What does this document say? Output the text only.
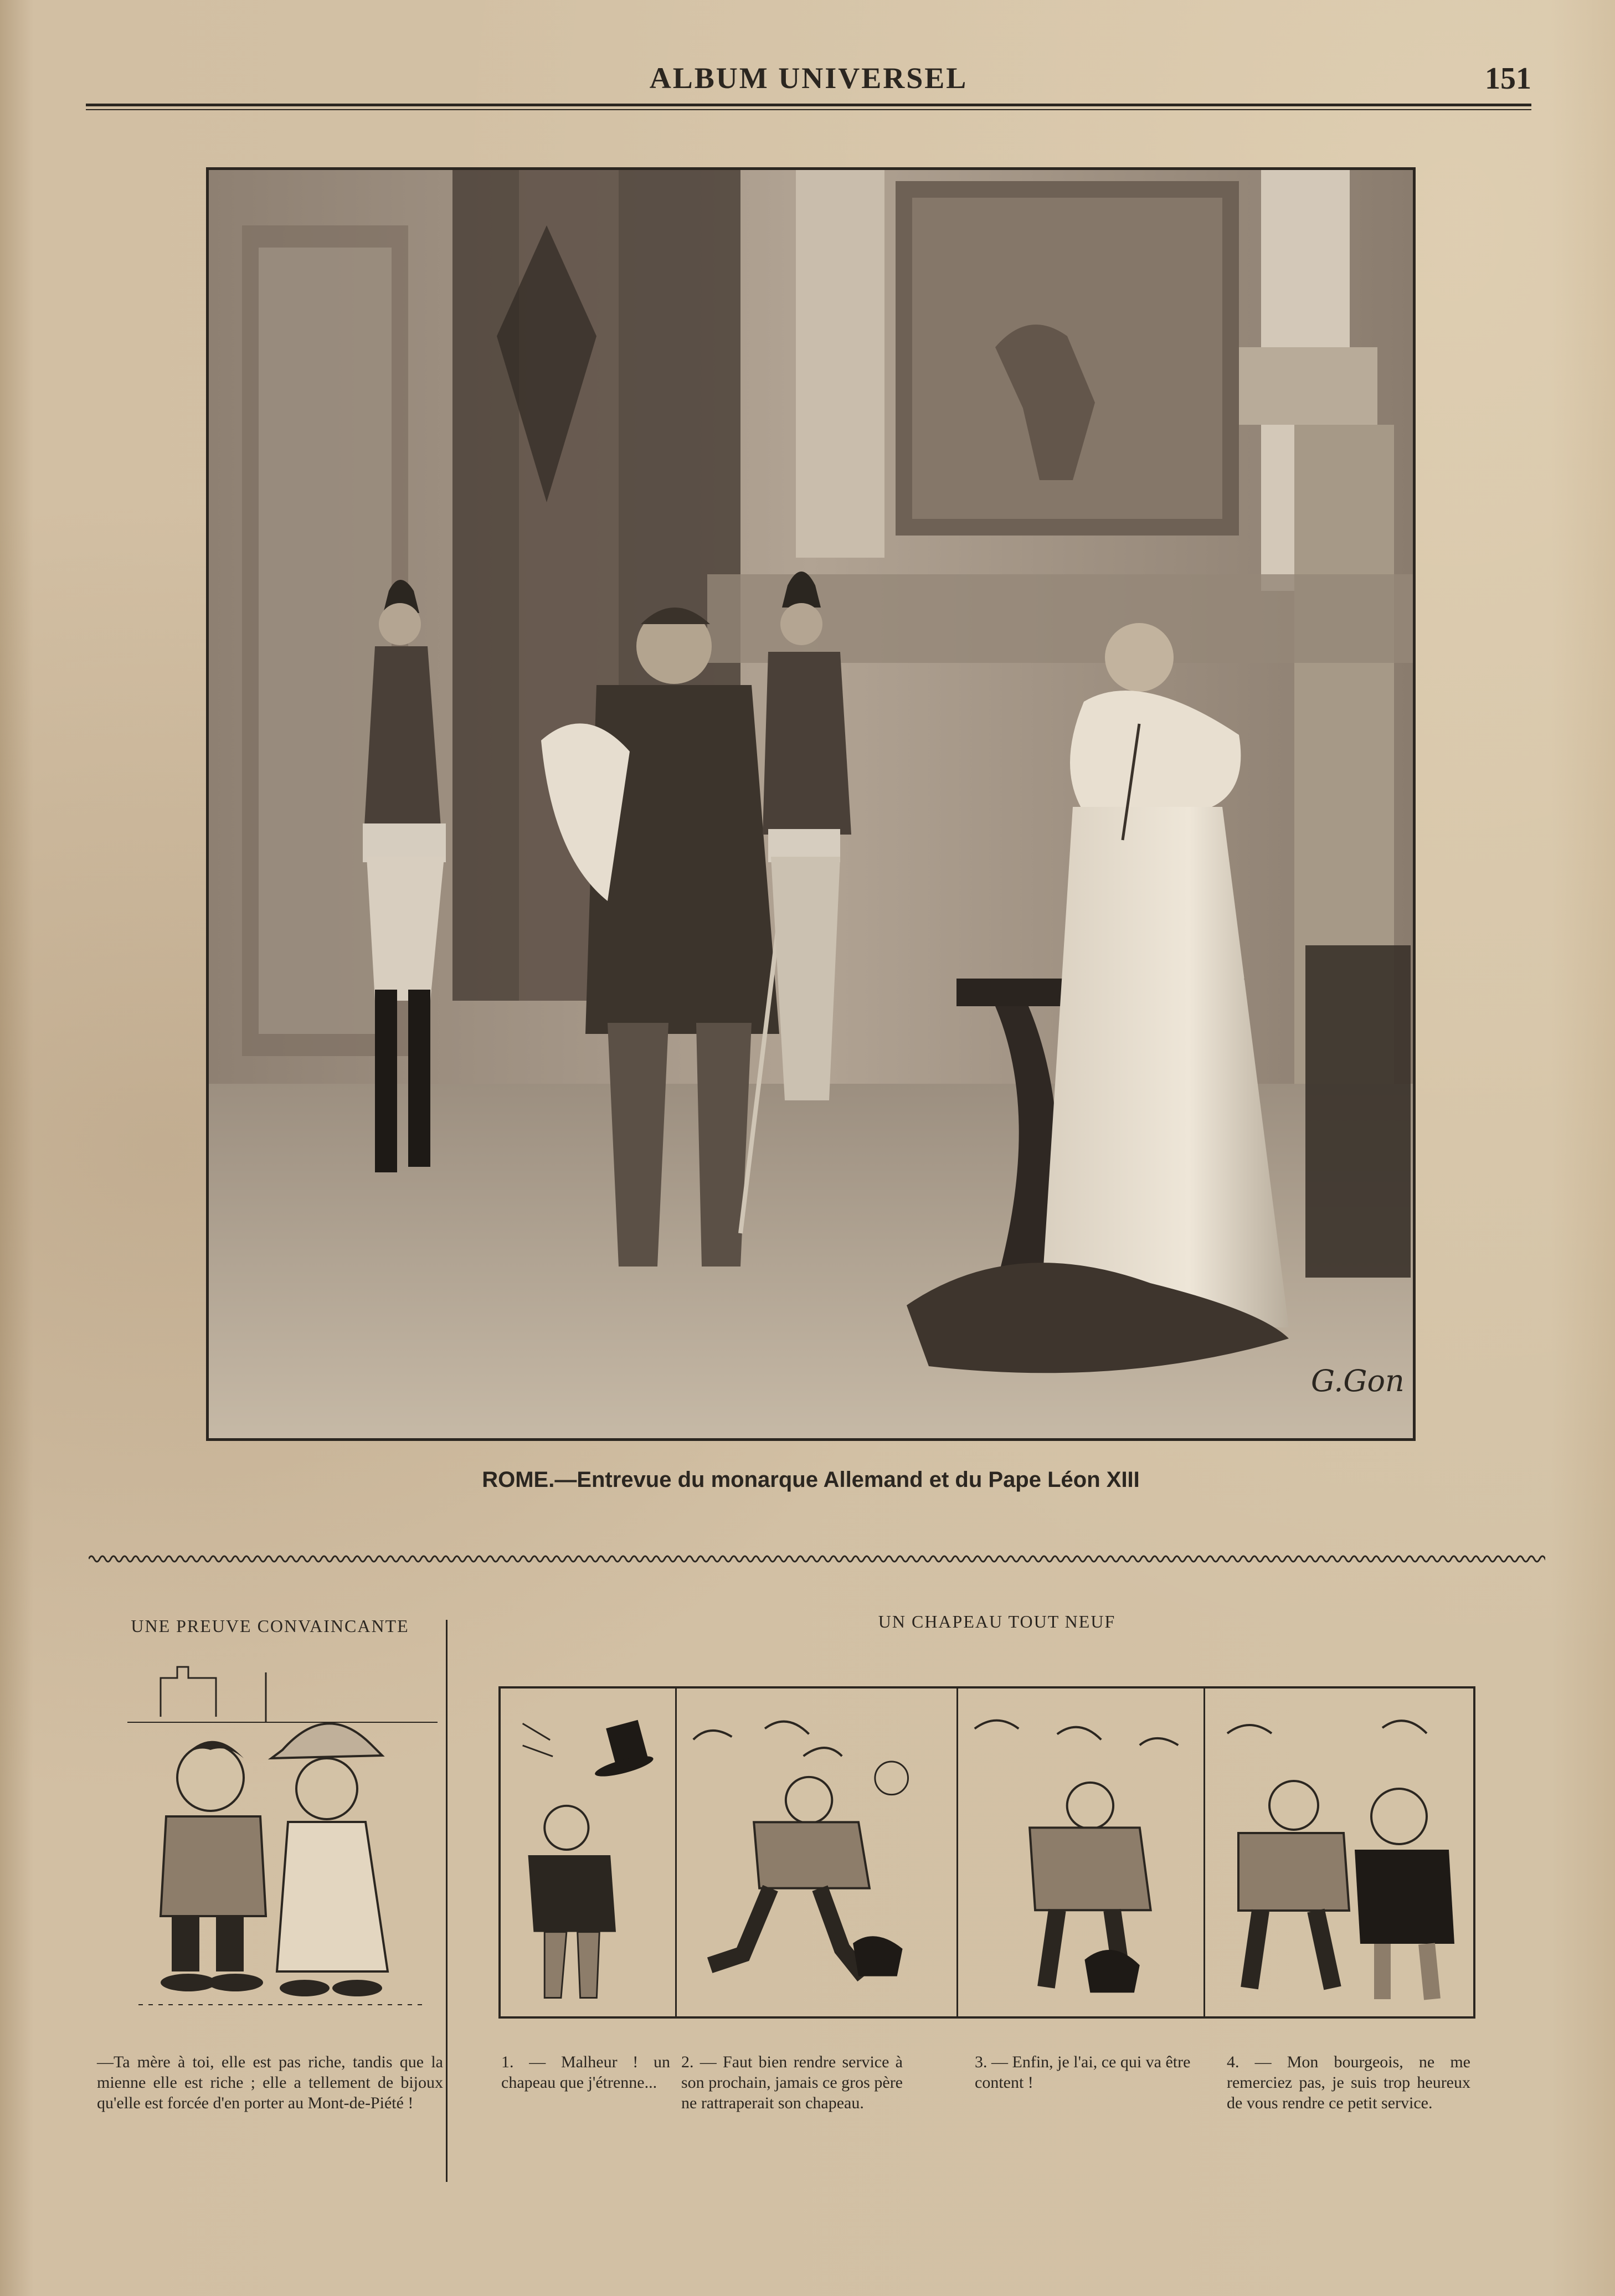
ALBUM UNIVERSEL	151
G.Gon
ROME.—Entrevue du monarque Allemand et du Pape Léon XIII
UNE PREUVE CONVAINCANTE
—Ta mère à toi, elle est pas riche, tandis que la mienne elle est riche ; elle a tellement de bijoux qu'elle est forcée d'en porter au Mont-de-Piété !
UN CHAPEAU TOUT NEUF
1. — Malheur ! un chapeau que j'étrenne...
2. — Faut bien rendre service à son prochain, jamais ce gros père ne rattraperait son chapeau.
3. — Enfin, je l'ai, ce qui va être content !
4. — Mon bourgeois, ne me remerciez pas, je suis trop heureux de vous rendre ce petit service.
